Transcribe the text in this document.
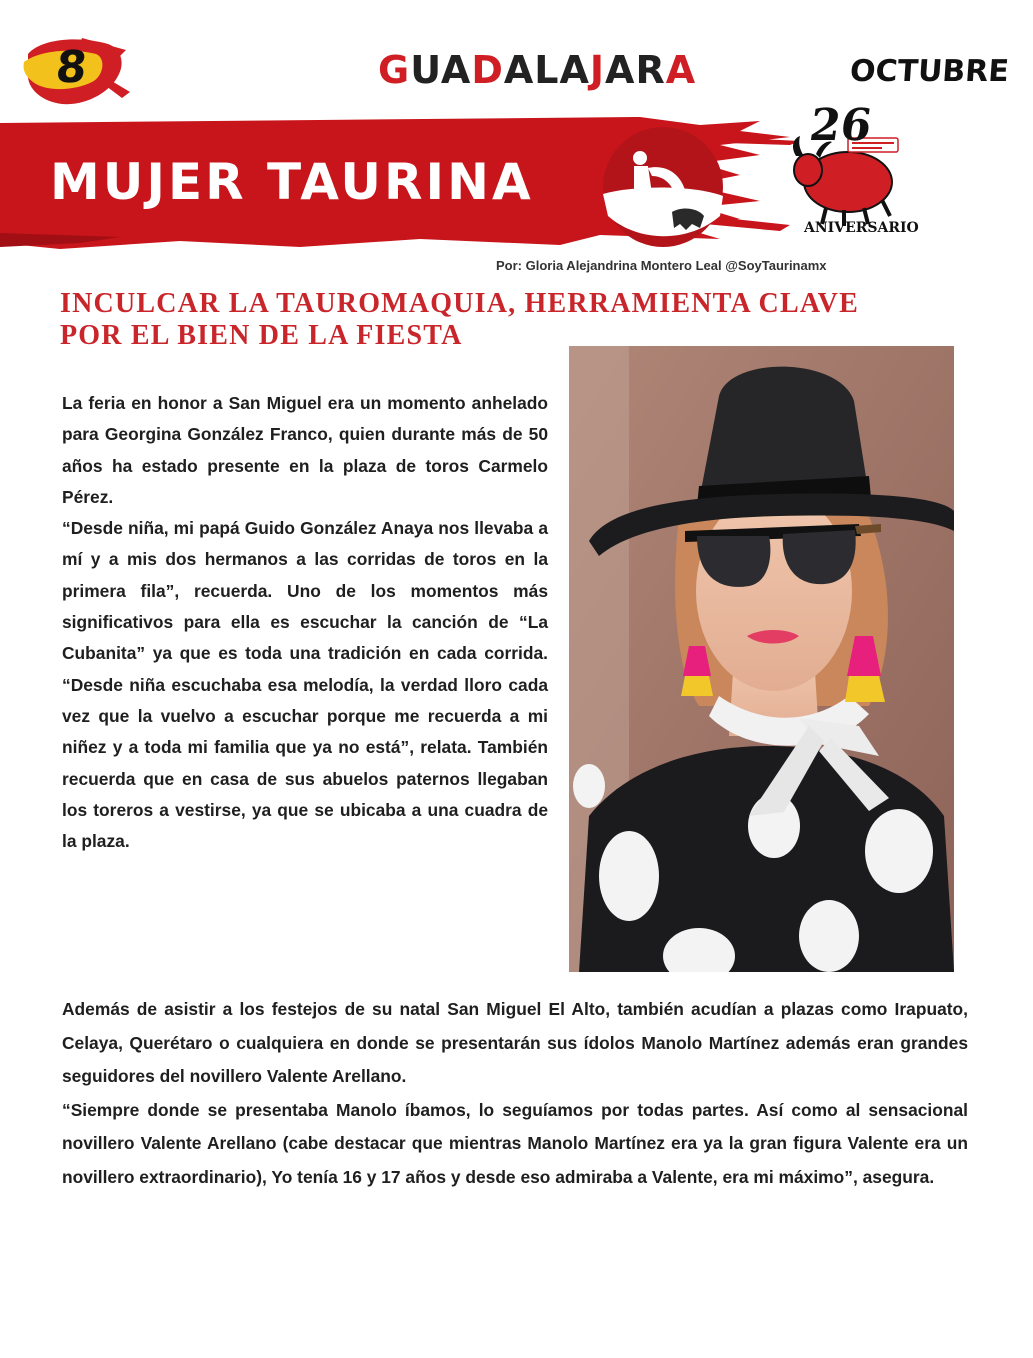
8	GUADALAJARA	OCTUBRE
MUJER TAURINA
26
ANIVERSARIO
Por: Gloria Alejandrina Montero Leal @SoyTaurinamx
INCULCAR LA TAUROMAQUIA, HERRAMIENTA CLAVE
POR EL BIEN DE LA FIESTA

La feria en honor a San Miguel era un momento anhelado para Georgina González Franco, quien durante más de 50 años ha estado presente en la plaza de toros Carmelo Pérez.

“Desde niña, mi papá Guido González Anaya nos llevaba a mí y a mis dos hermanos a las corridas de toros en la primera fila”, recuerda. Uno de los momentos más significativos para ella es escuchar la canción de “La Cubanita” ya que es toda una tradición en cada corrida. “Desde niña escuchaba esa melodía, la verdad lloro cada vez que la vuelvo a escuchar porque me recuerda a mi niñez y a toda mi familia que ya no está”, relata. También recuerda que en casa de sus abuelos paternos llegaban los toreros a vestirse, ya que se ubicaba a una cuadra de la plaza.

Además de asistir a los festejos de su natal San Miguel El Alto, también acudían a plazas como Irapuato, Celaya, Querétaro o cualquiera en donde se presentarán sus ídolos Manolo Martínez además eran grandes seguidores del novillero Valente Arellano.

“Siempre donde se presentaba Manolo íbamos, lo seguíamos por todas partes. Así como al sensacional novillero Valente Arellano (cabe destacar que mientras Manolo Martínez era ya la gran figura Valente era un novillero extraordinario), Yo tenía 16 y 17 años y desde eso admiraba a Valente, era mi máximo”, asegura.
